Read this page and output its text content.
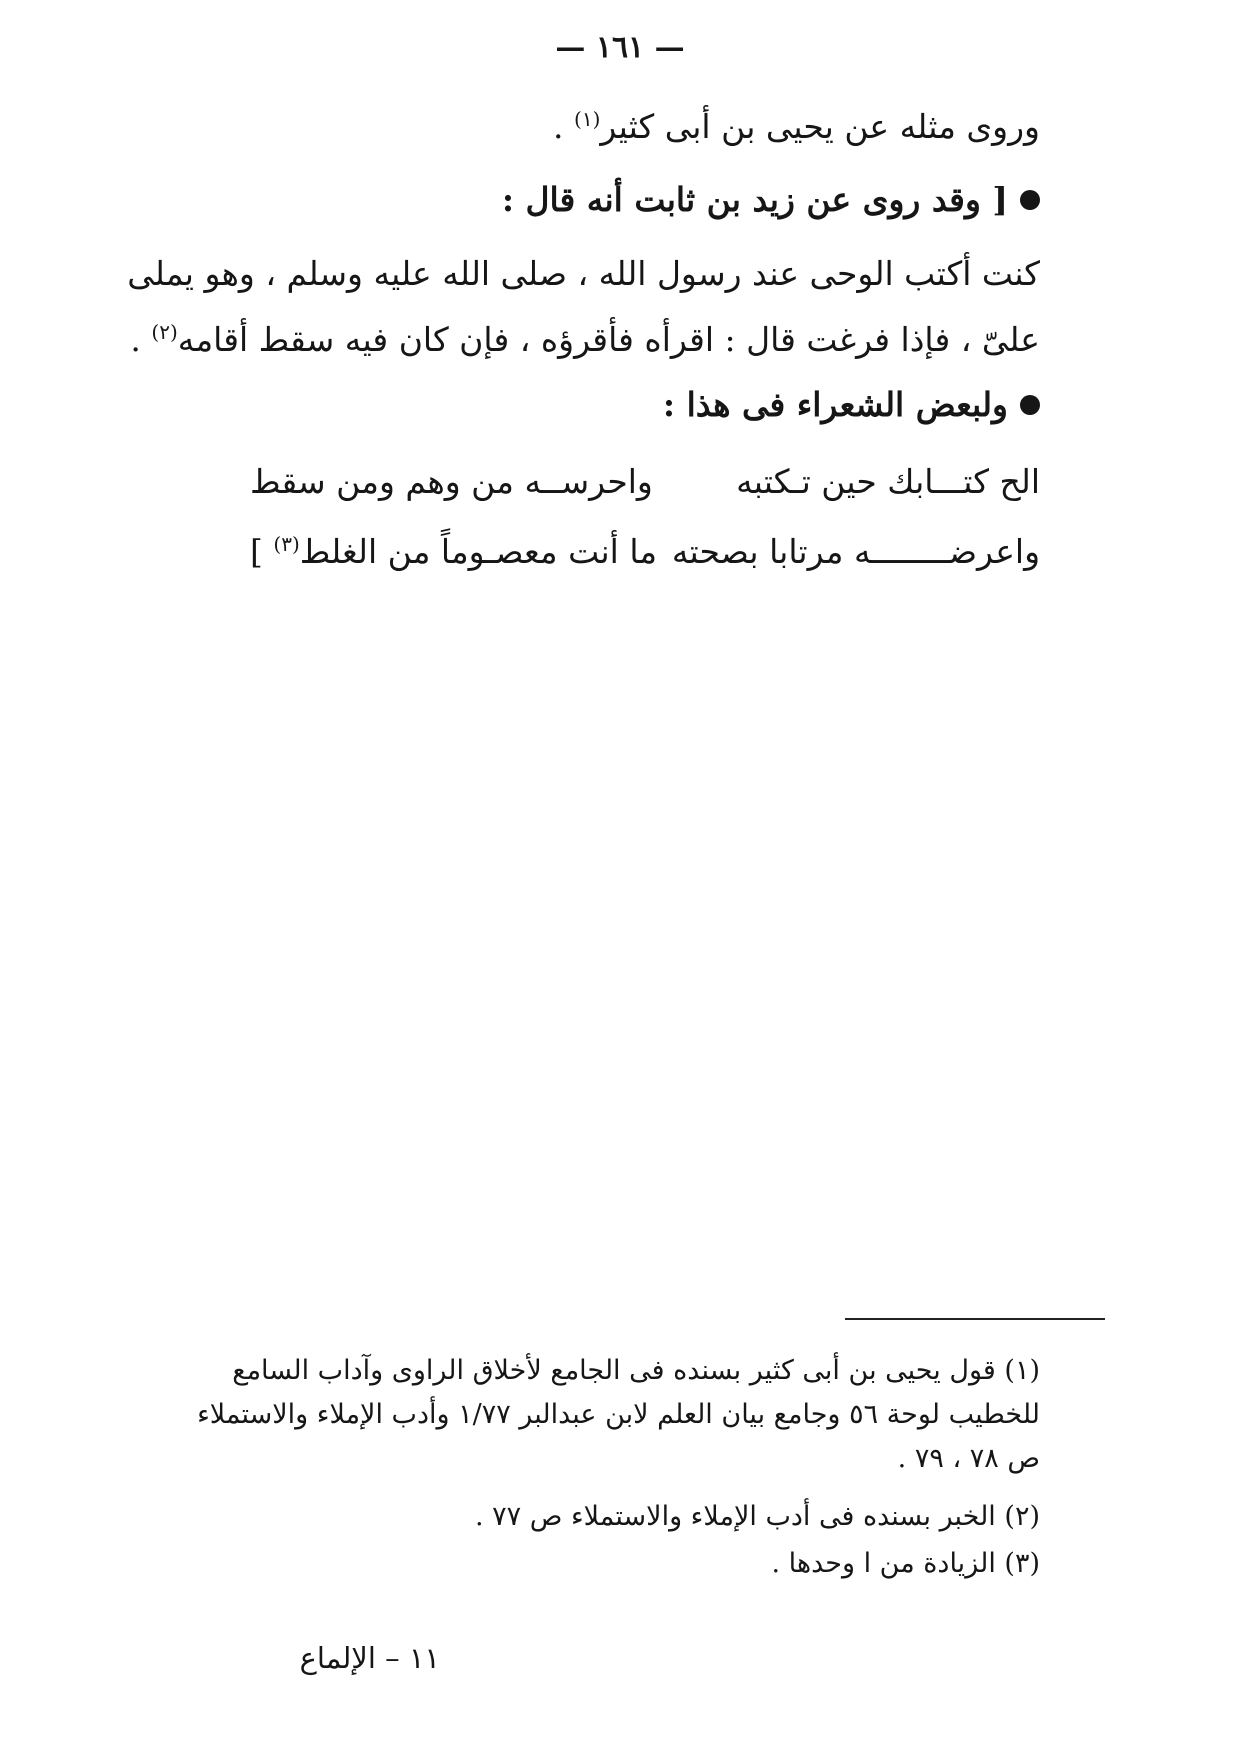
— ١٦١ —
وروى مثله عن يحيى بن أبى كثير$^{(١)}$ .
[ وقد روى عن زيد بن ثابت أنه قال :
كنت أكتب الوحى عند رسول الله ، صلى الله عليه وسلم ، وهو يملى
علىّ ، فإذا فرغت قال : اقرأه فأقرؤه ، فإن كان فيه سقط أقامه$^{(٢)}$ .
ولبعض الشعراء فى هذا :
الح كتـــابك حين تـكتبه
واحرســه من وهم ومن سقط
واعرضــــــــه مرتابا بصحته
ما أنت معصـوماً من الغلط$^{(٣)}$ ]
(١) قول يحيى بن أبى كثير بسنده فى الجامع لأخلاق الراوى وآداب السامع
للخطيب لوحة ٥٦ وجامع بيان العلم لابن عبدالبر ١/٧٧ وأدب الإملاء والاستملاء
ص ٧٨ ، ٧٩ .
(٢) الخبر بسنده فى أدب الإملاء والاستملاء ص ٧٧ .
(٣) الزيادة من ا وحدها .
١١ – الإلماع
